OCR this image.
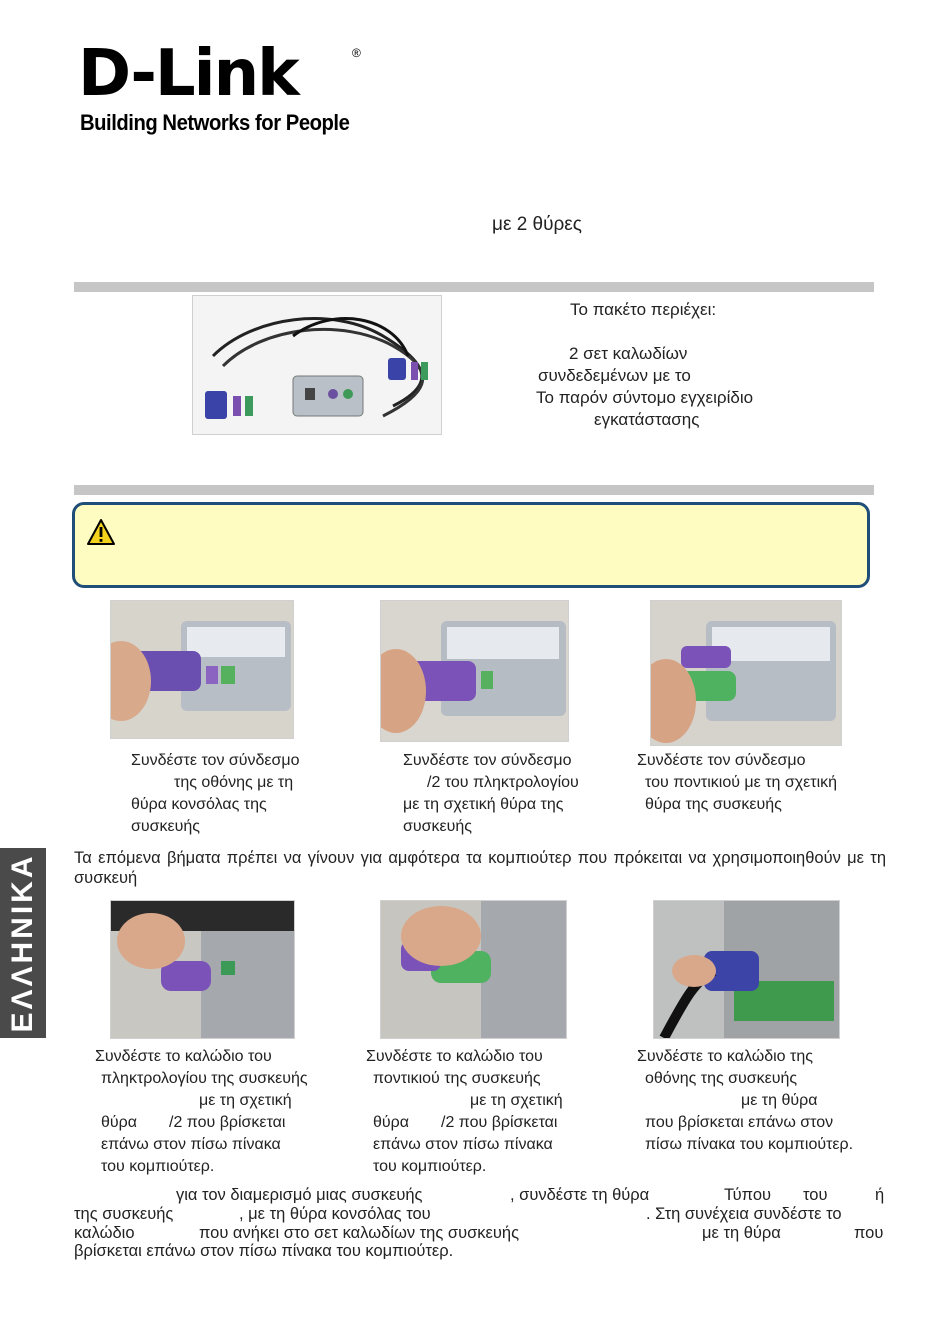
D-Link	®
Building Networks for People
με 2 θύρες
Το πακέτο περιέχει:
2 σετ καλωδίων
συνδεδεμένων με το
Το παρόν σύντομο εγχειρίδιο
εγκατάστασης
Συνδέστε τον σύνδεσμο
της οθόνης με τη
θύρα κονσόλας της
συσκευής
Συνδέστε τον σύνδεσμο
/2 του πληκτρολογίου
με τη σχετική θύρα της
συσκευής
Συνδέστε τον σύνδεσμο
του ποντικιού με τη σχετική
θύρα της συσκευής
ΕΛΛΗΝΙΚΑ Τα επόμενα βήματα πρέπει να γίνουν για αμφότερα τα κομπιούτερ που πρόκειται να χρησιμοποιηθούν με τη συσκευή
Συνδέστε το καλώδιο του
πληκτρολογίου της συσκευής
με τη σχετική
θύρα /2 που βρίσκεται
επάνω στον πίσω πίνακα
του κομπιούτερ.
Συνδέστε το καλώδιο του
ποντικιού της συσκευής
με τη σχετική
θύρα /2 που βρίσκεται
επάνω στον πίσω πίνακα
του κομπιούτερ.
Συνδέστε το καλώδιο της
οθόνης της συσκευής
με τη θύρα
που βρίσκεται επάνω στον
πίσω πίνακα του κομπιούτερ.
για τον διαμερισμό μιας συσκευής	, συνδέστε τη θύρα	Τύπου του	ή
της συσκευής	, με τη θύρα κονσόλας του	. Στη συνέχεια συνδέστε το
καλώδιο	που ανήκει στο σετ καλωδίων της συσκευής	με τη θύρα	που
βρίσκεται επάνω στον πίσω πίνακα του κομπιούτερ.
